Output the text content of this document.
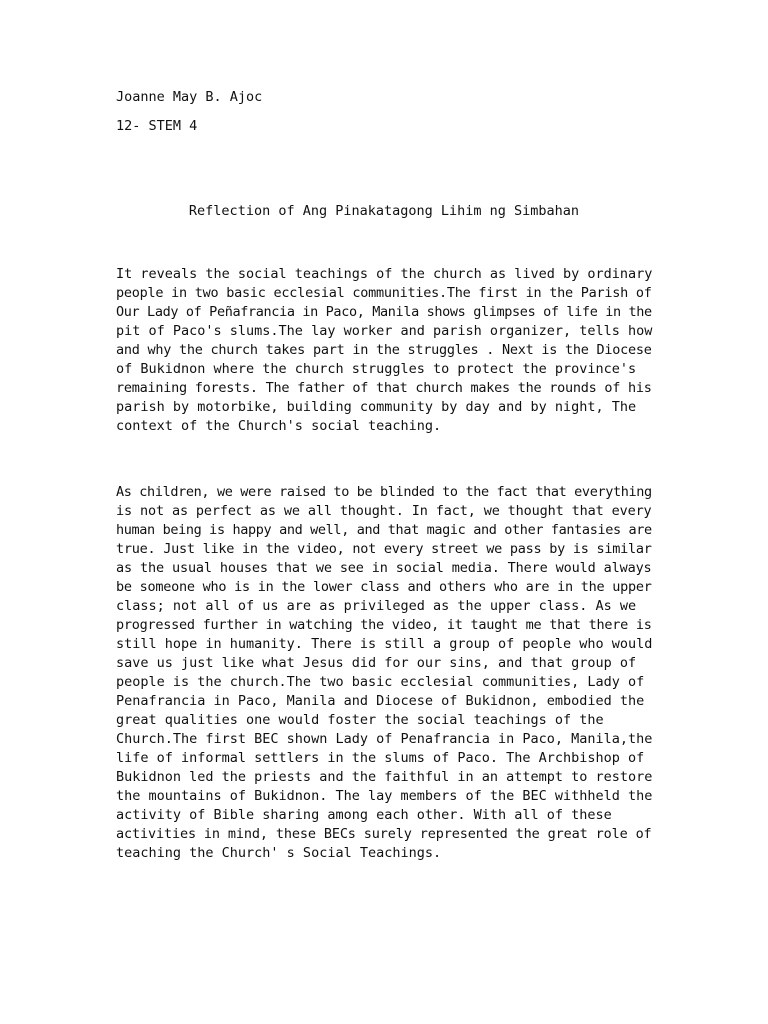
Joanne May B. Ajoc
12- STEM 4
Reflection of Ang Pinakatagong Lihim ng Simbahan
It reveals the social teachings of the church as lived by ordinary
people in two basic ecclesial communities.The first in the Parish of
Our Lady of Peñafrancia in Paco, Manila shows glimpses of life in the
pit of Paco's slums.The lay worker and parish organizer, tells how
and why the church takes part in the struggles . Next is the Diocese
of Bukidnon where the church struggles to protect the province's
remaining forests. The father of that church makes the rounds of his
parish by motorbike, building community by day and by night, The
context of the Church's social teaching.
As children, we were raised to be blinded to the fact that everything
is not as perfect as we all thought. In fact, we thought that every
human being is happy and well, and that magic and other fantasies are
true. Just like in the video, not every street we pass by is similar
as the usual houses that we see in social media. There would always
be someone who is in the lower class and others who are in the upper
class; not all of us are as privileged as the upper class. As we
progressed further in watching the video, it taught me that there is
still hope in humanity. There is still a group of people who would
save us just like what Jesus did for our sins, and that group of
people is the church.The two basic ecclesial communities, Lady of
Penafrancia in Paco, Manila and Diocese of Bukidnon, embodied the
great qualities one would foster the social teachings of the
Church.The first BEC shown Lady of Penafrancia in Paco, Manila,the
life of informal settlers in the slums of Paco. The Archbishop of
Bukidnon led the priests and the faithful in an attempt to restore
the mountains of Bukidnon. The lay members of the BEC withheld the
activity of Bible sharing among each other. With all of these
activities in mind, these BECs surely represented the great role of
teaching the Church' s Social Teachings.
